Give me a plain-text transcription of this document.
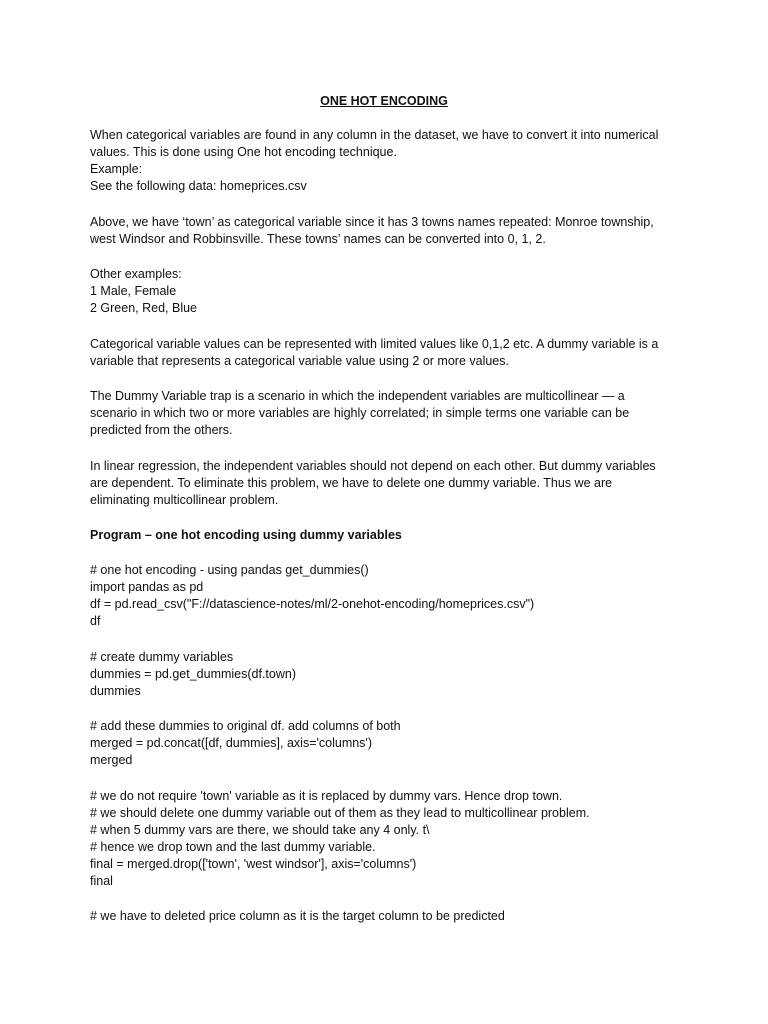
ONE HOT ENCODING
When categorical variables are found in any column in the dataset, we have to convert it into numerical
values. This is done using One hot encoding technique.
Example:
See the following data: homeprices.csv
Above, we have ‘town’ as categorical variable since it has 3 towns names repeated: Monroe township,
west Windsor and Robbinsville. These towns’ names can be converted into 0, 1, 2.
Other examples:
1 Male, Female
2 Green, Red, Blue
Categorical variable values can be represented with limited values like 0,1,2 etc. A dummy variable is a
variable that represents a categorical variable value using 2 or more values.
The Dummy Variable trap is a scenario in which the independent variables are multicollinear — a
scenario in which two or more variables are highly correlated; in simple terms one variable can be
predicted from the others.
In linear regression, the independent variables should not depend on each other. But dummy variables
are dependent. To eliminate this problem, we have to delete one dummy variable. Thus we are
eliminating multicollinear problem.
Program – one hot encoding using dummy variables
# one hot encoding - using pandas get_dummies()
import pandas as pd
df = pd.read_csv("F://datascience-notes/ml/2-onehot-encoding/homeprices.csv")
df
# create dummy variables
dummies = pd.get_dummies(df.town)
dummies
# add these dummies to original df. add columns of both
merged = pd.concat([df, dummies], axis='columns')
merged
# we do not require 'town' variable as it is replaced by dummy vars. Hence drop town.
# we should delete one dummy variable out of them as they lead to multicollinear problem.
# when 5 dummy vars are there, we should take any 4 only. t\
# hence we drop town and the last dummy variable.
final = merged.drop(['town', 'west windsor'], axis='columns')
final
# we have to deleted price column as it is the target column to be predicted
